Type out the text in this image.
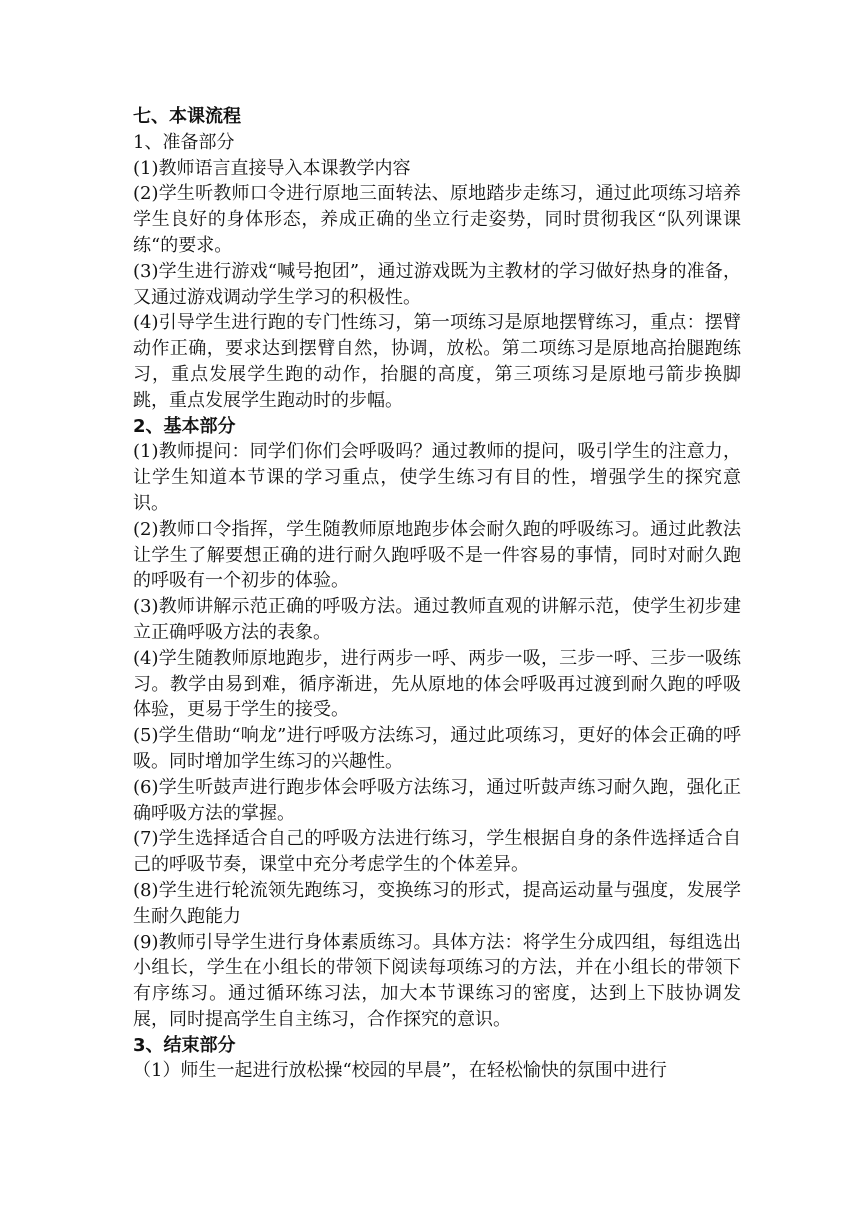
七、本课流程

1、准备部分

(1)教师语言直接导入本课教学内容

(2)学生听教师口令进行原地三面转法、原地踏步走练习，通过此项练习培养学生良好的身体形态，养成正确的坐立行走姿势，同时贯彻我区“队列课课练“的要求。

(3)学生进行游戏“喊号抱团”，通过游戏既为主教材的学习做好热身的准备，又通过游戏调动学生学习的积极性。

(4)引导学生进行跑的专门性练习，第一项练习是原地摆臂练习，重点：摆臂动作正确，要求达到摆臂自然，协调，放松。第二项练习是原地高抬腿跑练习，重点发展学生跑的动作，抬腿的高度，第三项练习是原地弓箭步换脚跳，重点发展学生跑动时的步幅。

2、基本部分

(1)教师提问：同学们你们会呼吸吗？通过教师的提问，吸引学生的注意力，让学生知道本节课的学习重点，使学生练习有目的性，增强学生的探究意识。

(2)教师口令指挥，学生随教师原地跑步体会耐久跑的呼吸练习。通过此教法让学生了解要想正确的进行耐久跑呼吸不是一件容易的事情，同时对耐久跑的呼吸有一个初步的体验。

(3)教师讲解示范正确的呼吸方法。通过教师直观的讲解示范，使学生初步建立正确呼吸方法的表象。

(4)学生随教师原地跑步，进行两步一呼、两步一吸，三步一呼、三步一吸练习。教学由易到难，循序渐进，先从原地的体会呼吸再过渡到耐久跑的呼吸体验，更易于学生的接受。

(5)学生借助“响龙”进行呼吸方法练习，通过此项练习，更好的体会正确的呼吸。同时增加学生练习的兴趣性。

(6)学生听鼓声进行跑步体会呼吸方法练习，通过听鼓声练习耐久跑，强化正确呼吸方法的掌握。

(7)学生选择适合自己的呼吸方法进行练习，学生根据自身的条件选择适合自己的呼吸节奏，课堂中充分考虑学生的个体差异。

(8)学生进行轮流领先跑练习，变换练习的形式，提高运动量与强度，发展学生耐久跑能力

(9)教师引导学生进行身体素质练习。具体方法：将学生分成四组，每组选出小组长，学生在小组长的带领下阅读每项练习的方法，并在小组长的带领下有序练习。通过循环练习法，加大本节课练习的密度，达到上下肢协调发展，同时提高学生自主练习，合作探究的意识。

3、结束部分

（1）师生一起进行放松操“校园的早晨”，在轻松愉快的氛围中进行
